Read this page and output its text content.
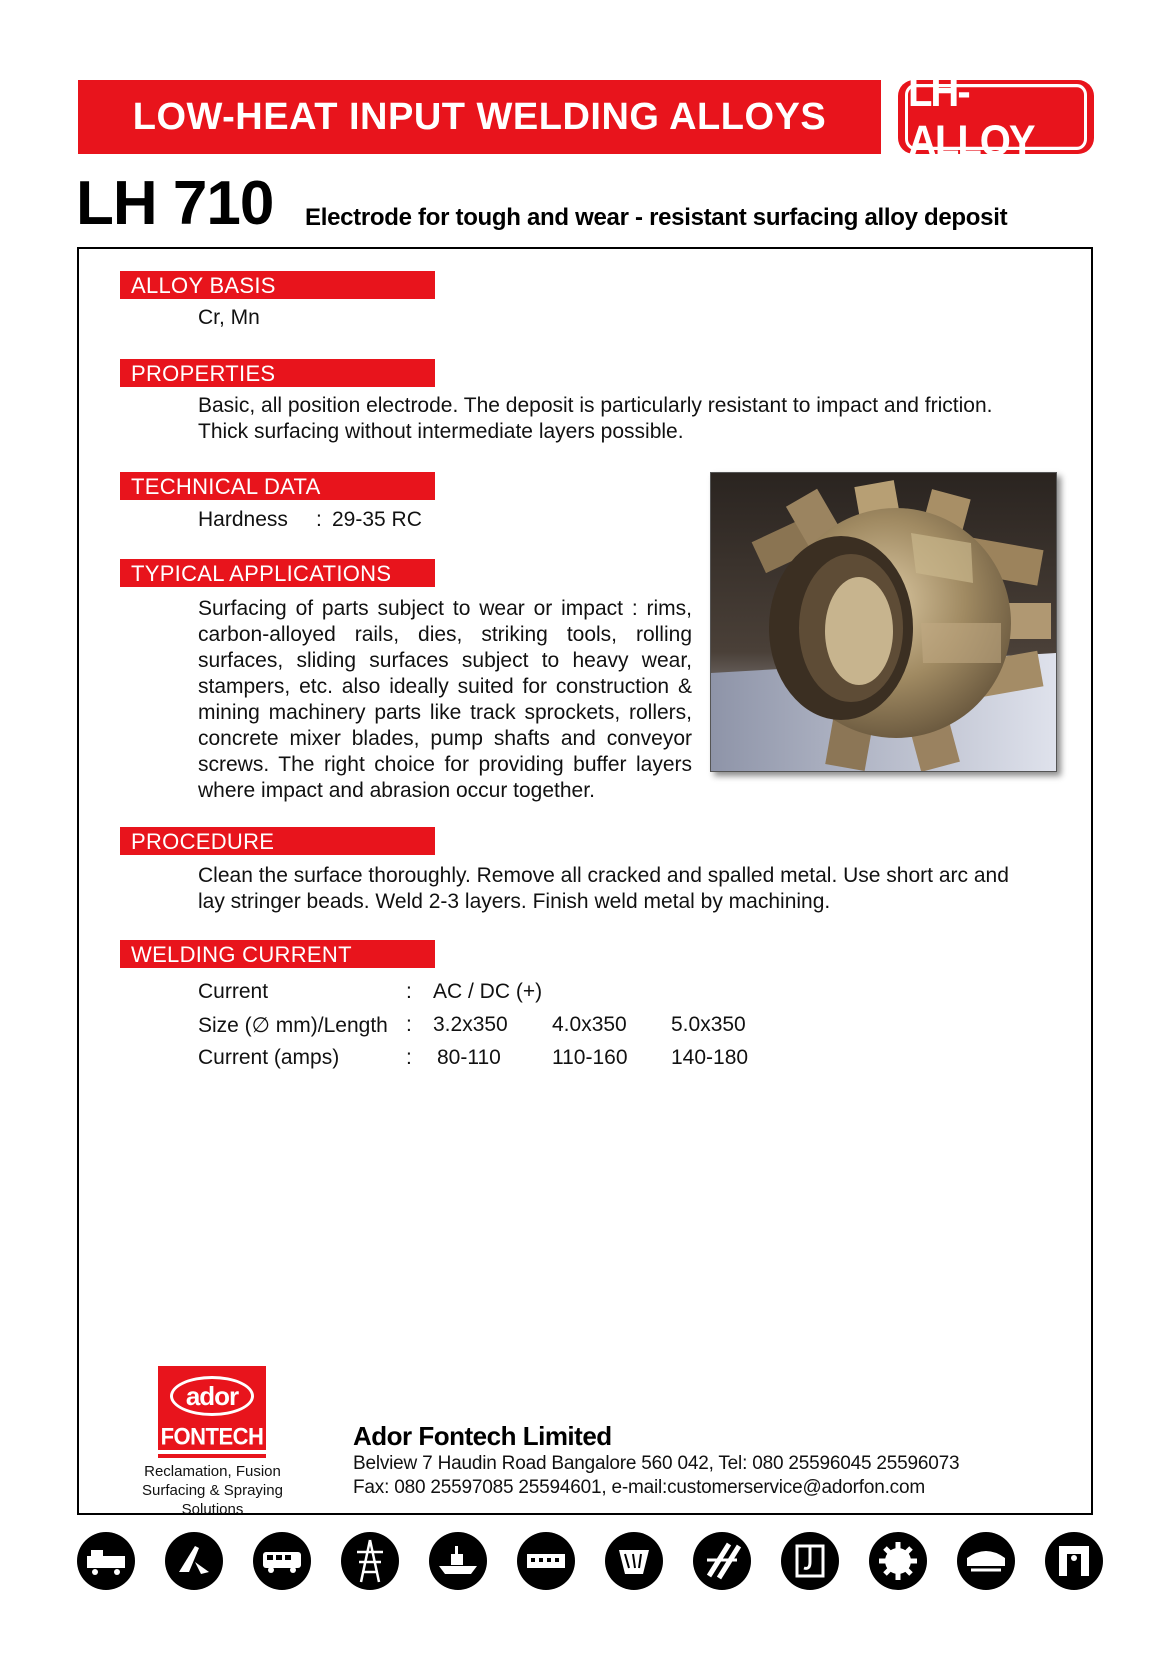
LOW-HEAT INPUT WELDING ALLOYS
LH-ALLOY
LH 710 Electrode for tough and wear - resistant surfacing alloy deposit
ALLOY BASIS
Cr, Mn
PROPERTIES
Basic, all position electrode. The deposit is particularly resistant to impact and friction.
Thick surfacing without intermediate layers possible.
TECHNICAL DATA
Hardness : 29-35 RC
TYPICAL APPLICATIONS
Surfacing of parts subject to wear or impact : rims, carbon-alloyed rails, dies, striking tools, rolling surfaces, sliding surfaces subject to heavy wear, stampers, etc. also ideally suited for construction & mining machinery parts like track sprockets, rollers, concrete mixer blades, pump shafts and conveyor screws. The right choice for providing buffer layers where impact and abrasion occur together.
PROCEDURE
Clean the surface thoroughly. Remove all cracked and spalled metal. Use short arc and
lay stringer beads. Weld 2-3 layers. Finish weld metal by machining.
WELDING CURRENT
Current	: AC / DC (+)
Size (∅ mm)/Length : 3.2x350 4.0x350 5.0x350
Current (amps)	: 80-110 110-160 140-180
ador
FONTECH
Reclamation, Fusion
Surfacing & Spraying Solutions
Ador Fontech Limited
Belview 7 Haudin Road Bangalore 560 042, Tel: 080 25596045 25596073
Fax: 080 25597085 25594601, e-mail:customerservice@adorfon.com
